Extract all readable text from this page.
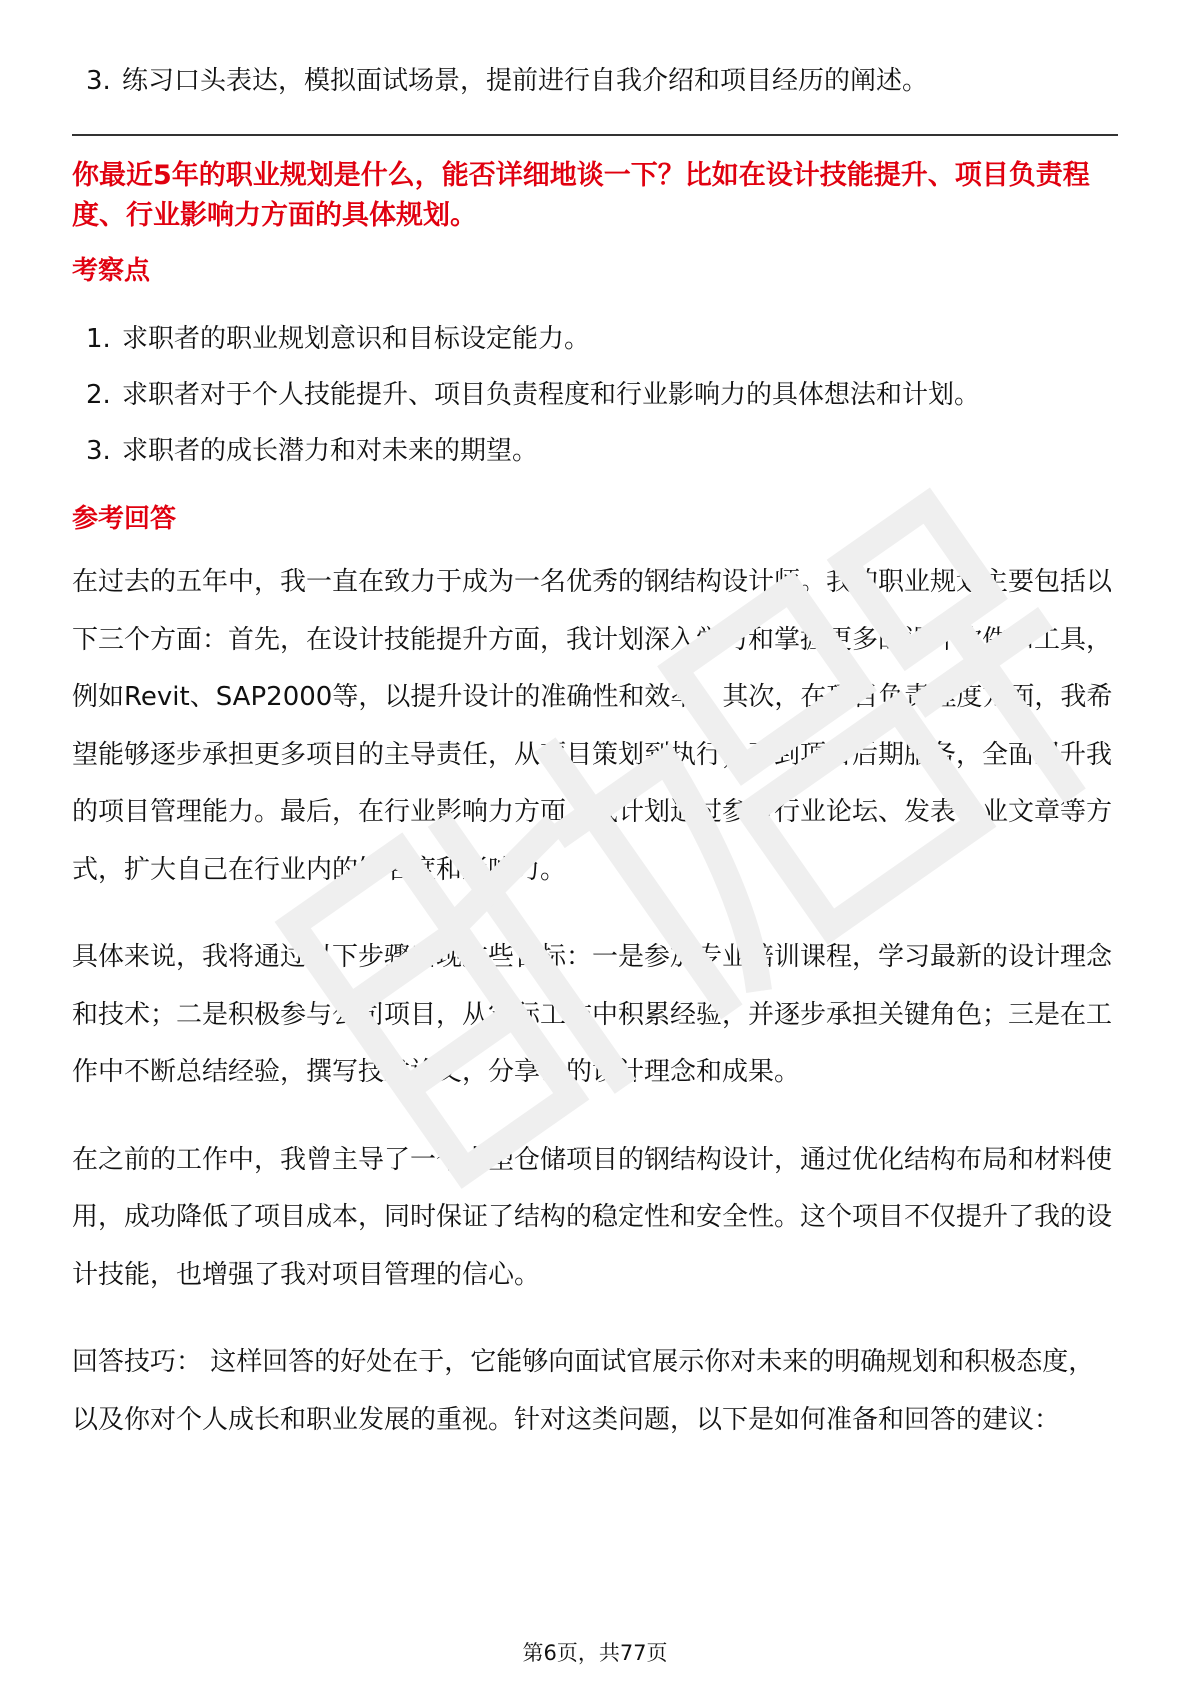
3. 练习口头表达，模拟面试场景，提前进行自我介绍和项目经历的阐述。

你最近5年的职业规划是什么，能否详细地谈一下？比如在设计技能提升、项目负责程度、行业影响力方面的具体规划。

考察点

1. 求职者的职业规划意识和目标设定能力。
2. 求职者对于个人技能提升、项目负责程度和行业影响力的具体想法和计划。
3. 求职者的成长潜力和对未来的期望。

参考回答

在过去的五年中，我一直在致力于成为一名优秀的钢结构设计师。我的职业规划主要包括以下三个方面：首先，在设计技能提升方面，我计划深入学习和掌握更多的设计软件和工具，例如Revit、SAP2000等，以提升设计的准确性和效率。其次，在项目负责程度方面，我希望能够逐步承担更多项目的主导责任，从项目策划到执行，再到项目后期服务，全面提升我的项目管理能力。最后，在行业影响力方面，我计划通过参与行业论坛、发表专业文章等方式，扩大自己在行业内的知名度和影响力。

具体来说，我将通过以下步骤实现这些目标：一是参加专业培训课程，学习最新的设计理念和技术；二是积极参与公司项目，从实际工作中积累经验，并逐步承担关键角色；三是在工作中不断总结经验，撰写技术论文，分享我的设计理念和成果。

在之前的工作中，我曾主导了一个大型仓储项目的钢结构设计，通过优化结构布局和材料使用，成功降低了项目成本，同时保证了结构的稳定性和安全性。这个项目不仅提升了我的设计技能，也增强了我对项目管理的信心。

回答技巧： 这样回答的好处在于，它能够向面试官展示你对未来的明确规划和积极态度，以及你对个人成长和职业发展的重视。针对这类问题，以下是如何准备和回答的建议：

第6页，共77页
